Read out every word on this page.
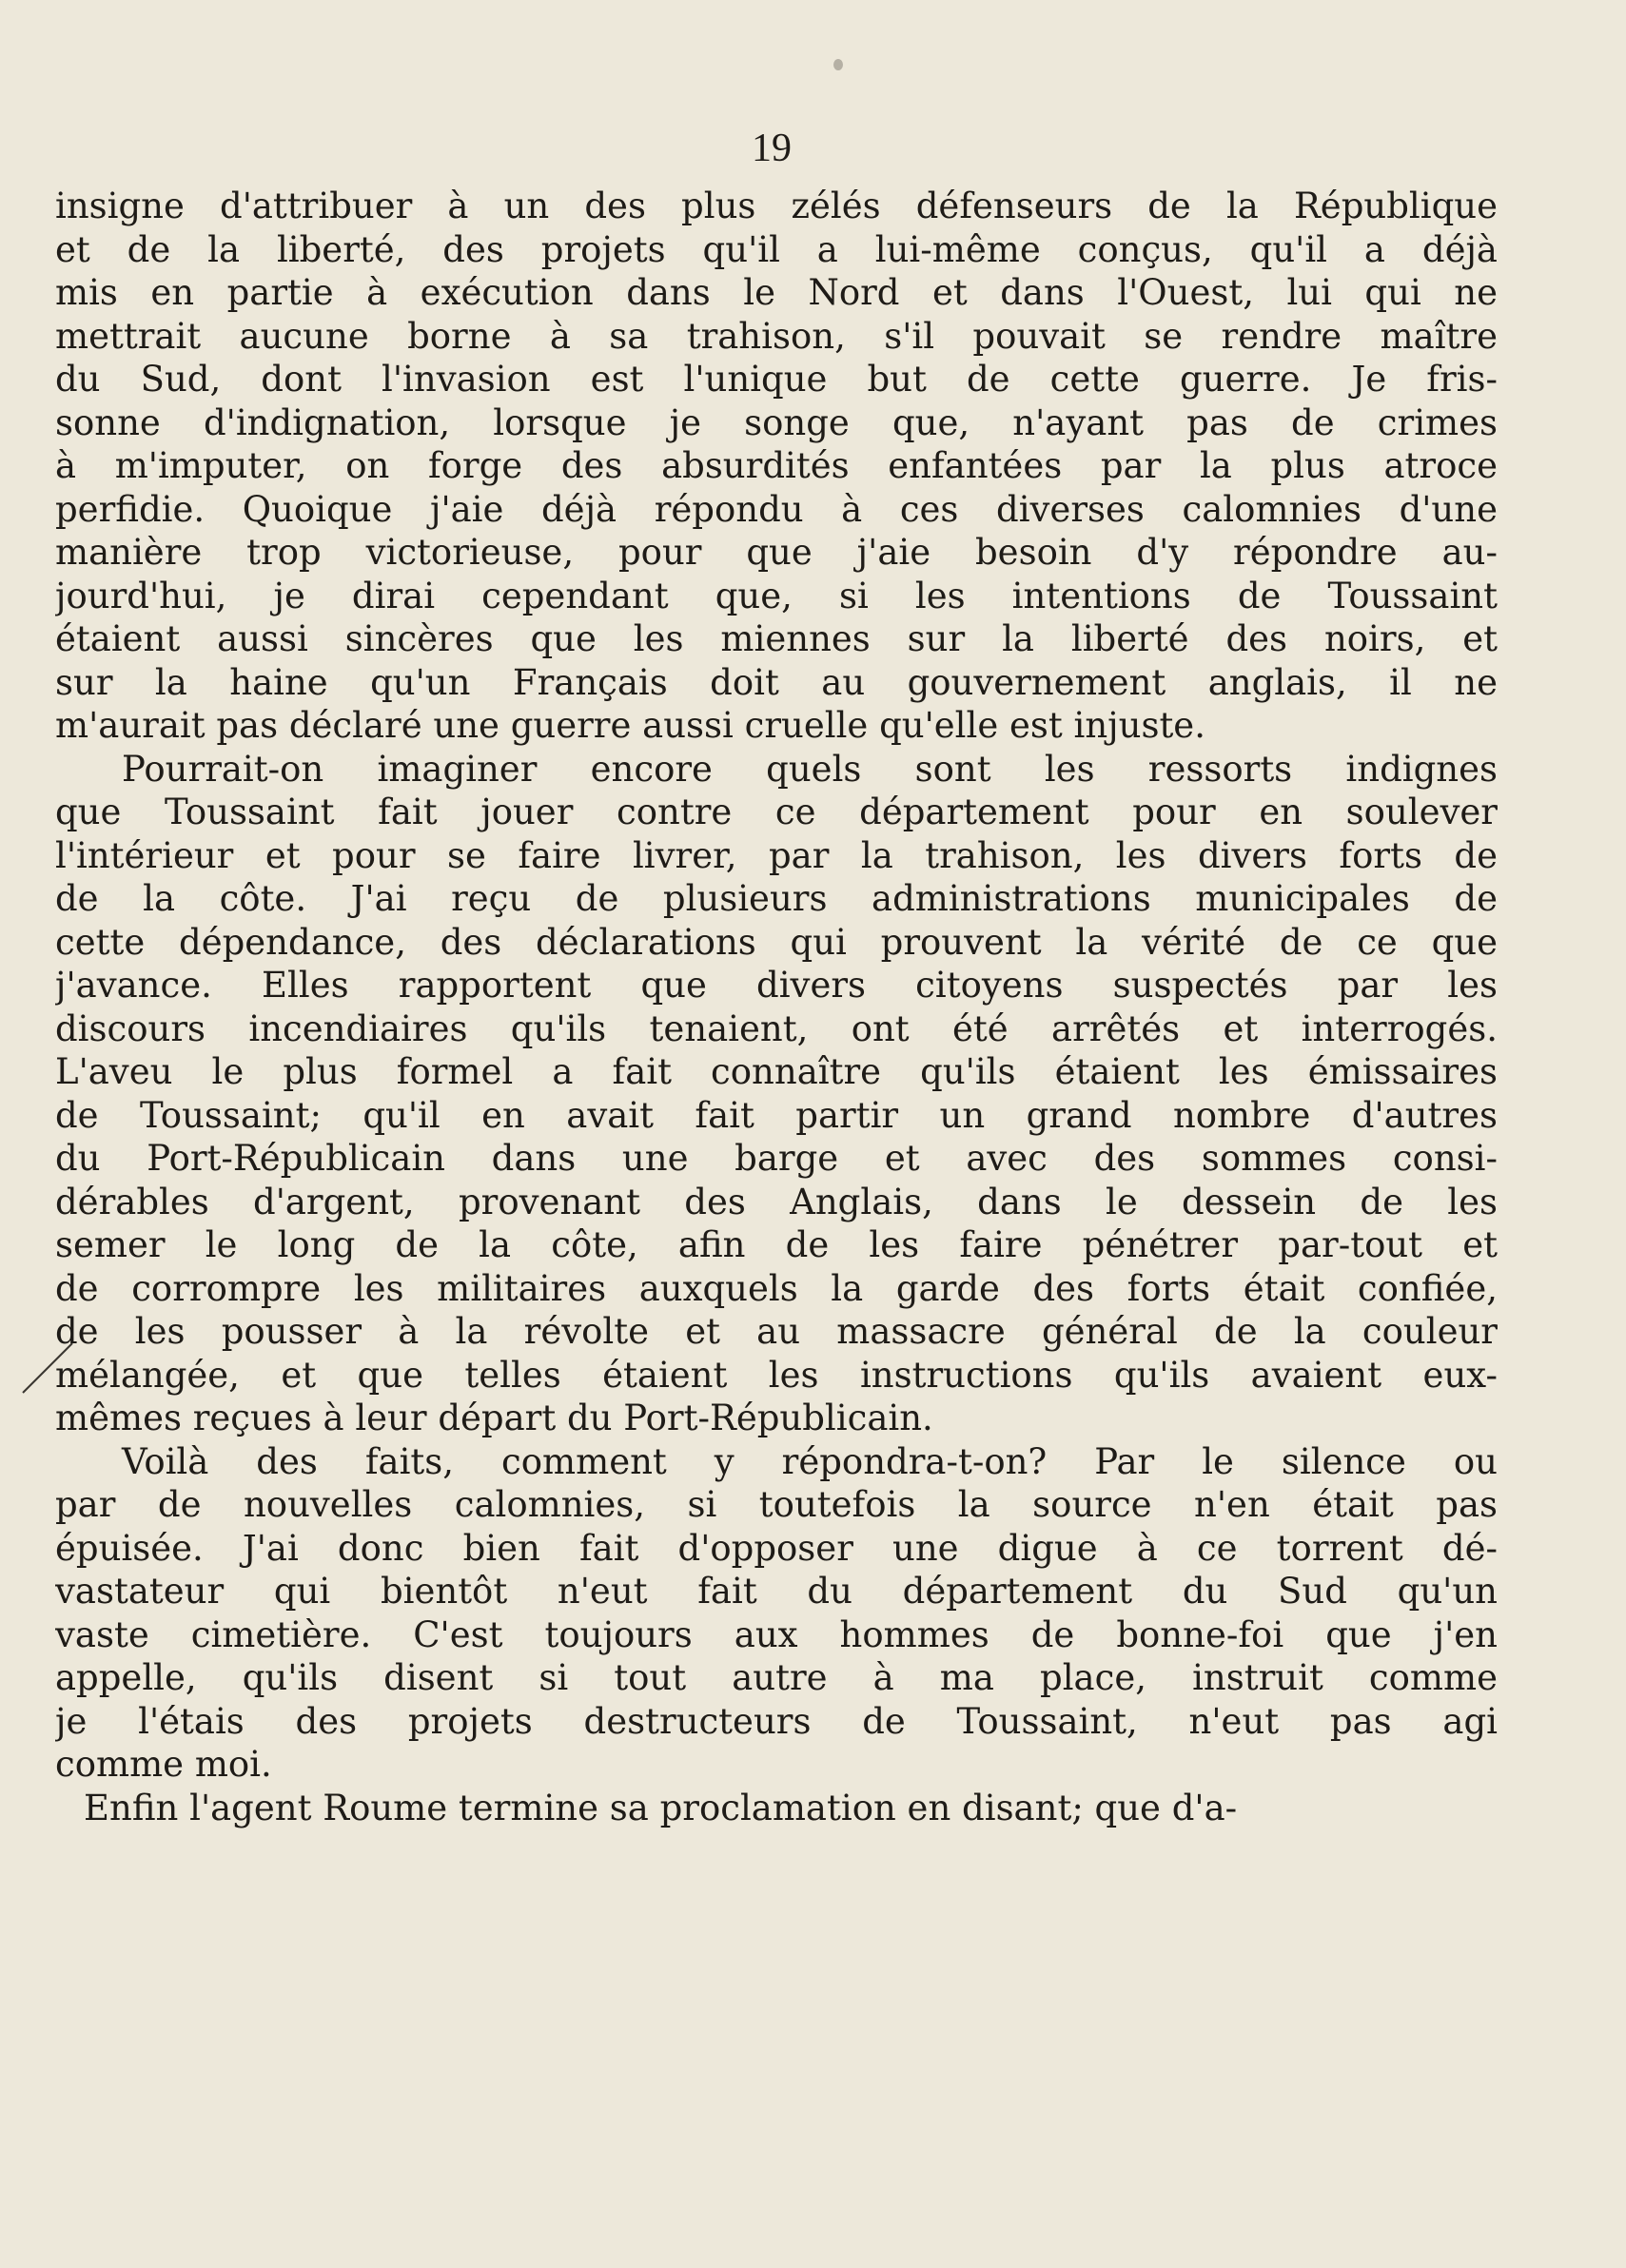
19
insigne d'attribuer à un des plus zélés défenseurs de la République
et de la liberté, des projets qu'il a lui-même conçus, qu'il a déjà
mis en partie à exécution dans le Nord et dans l'Ouest, lui qui ne
mettrait aucune borne à sa trahison, s'il pouvait se rendre maître
du Sud, dont l'invasion est l'unique but de cette guerre. Je fris-
sonne d'indignation, lorsque je songe que, n'ayant pas de crimes
à m'imputer, on forge des absurdités enfantées par la plus atroce
perfidie. Quoique j'aie déjà répondu à ces diverses calomnies d'une
manière trop victorieuse, pour que j'aie besoin d'y répondre au-
jourd'hui, je dirai cependant que, si les intentions de Toussaint
étaient aussi sincères que les miennes sur la liberté des noirs, et
sur la haine qu'un Français doit au gouvernement anglais, il ne
m'aurait pas déclaré une guerre aussi cruelle qu'elle est injuste.
Pourrait-on imaginer encore quels sont les ressorts indignes
que Toussaint fait jouer contre ce département pour en soulever
l'intérieur et pour se faire livrer, par la trahison, les divers forts de
de la côte. J'ai reçu de plusieurs administrations municipales de
cette dépendance, des déclarations qui prouvent la vérité de ce que
j'avance. Elles rapportent que divers citoyens suspectés par les
discours incendiaires qu'ils tenaient, ont été arrêtés et interrogés.
L'aveu le plus formel a fait connaître qu'ils étaient les émissaires
de Toussaint; qu'il en avait fait partir un grand nombre d'autres
du Port-Républicain dans une barge et avec des sommes consi-
dérables d'argent, provenant des Anglais, dans le dessein de les
semer le long de la côte, afin de les faire pénétrer par-tout et
de corrompre les militaires auxquels la garde des forts était confiée,
de les pousser à la révolte et au massacre général de la couleur
mélangée, et que telles étaient les instructions qu'ils avaient eux-
mêmes reçues à leur départ du Port-Républicain.
Voilà des faits, comment y répondra-t-on? Par le silence ou
par de nouvelles calomnies, si toutefois la source n'en était pas
épuisée. J'ai donc bien fait d'opposer une digue à ce torrent dé-
vastateur qui bientôt n'eut fait du département du Sud qu'un
vaste cimetière. C'est toujours aux hommes de bonne-foi que j'en
appelle, qu'ils disent si tout autre à ma place, instruit comme
je l'étais des projets destructeurs de Toussaint, n'eut pas agi
comme moi.
Enfin l'agent Roume termine sa proclamation en disant; que d'a-
